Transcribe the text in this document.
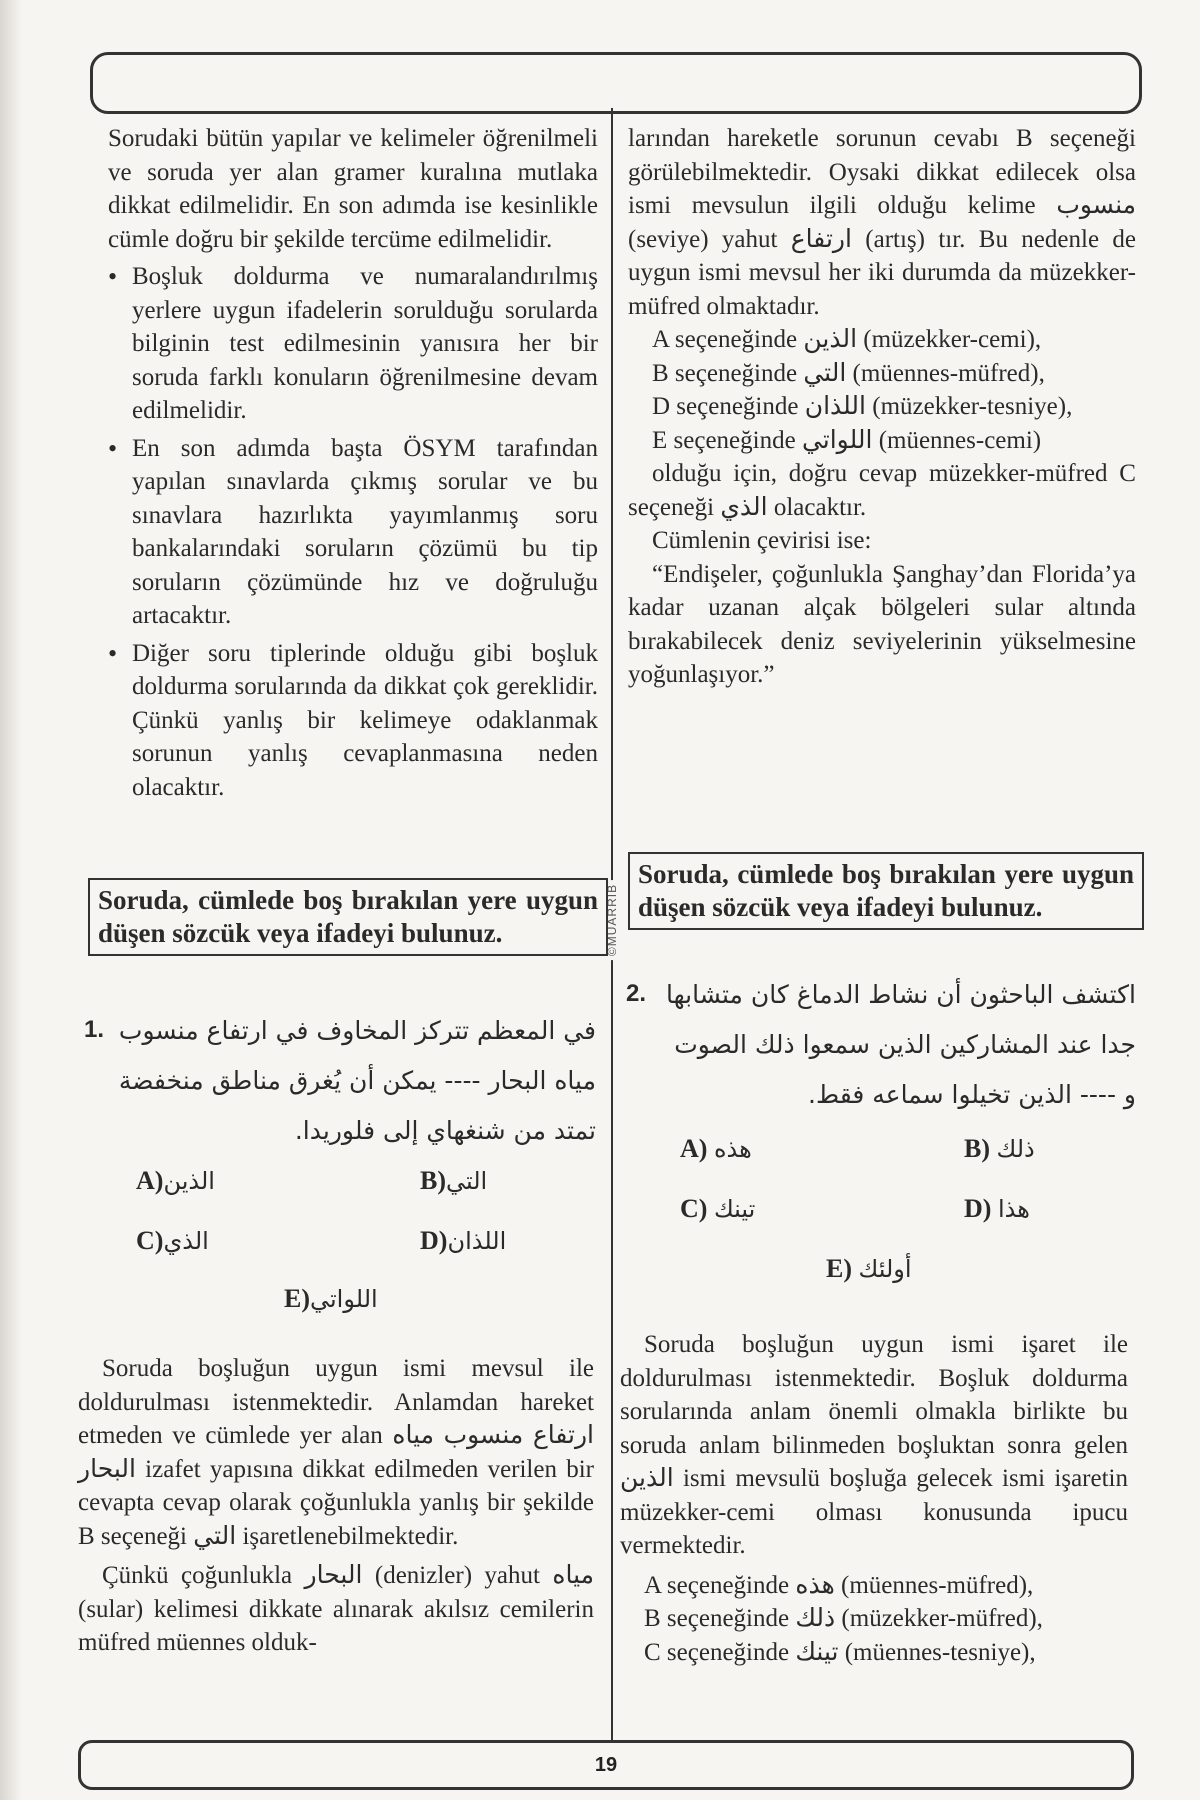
©MUARRIB

Sorudaki bütün yapılar ve kelimeler öğrenilmeli ve soruda yer alan gramer kuralına mutlaka dikkat edilmelidir. En son adımda ise kesinlikle cümle doğru bir şekilde tercüme edilmelidir.

• Boşluk doldurma ve numaralandırılmış yerlere uygun ifadelerin sorulduğu sorularda bilginin test edilmesinin yanısıra her bir soruda farklı konuların öğrenilmesine devam edilmelidir.
• En son adımda başta ÖSYM tarafından yapılan sınavlarda çıkmış sorular ve bu sınavlara hazırlıkta yayımlanmış soru bankalarındaki soruların çözümü bu tip soruların çözümünde hız ve doğruluğu artacaktır.
• Diğer soru tiplerinde olduğu gibi boşluk doldurma sorularında da dikkat çok gereklidir. Çünkü yanlış bir kelimeye odaklanmak sorunun yanlış cevaplanmasına neden olacaktır.

larından hareketle sorunun cevabı B seçeneği görülebilmektedir. Oysaki dikkat edilecek olsa ismi mevsulun ilgili olduğu kelime منسوب (seviye) yahut ارتفاع (artış) tır. Bu nedenle de uygun ismi mevsul her iki durumda da müzekker-müfred olmaktadır.

A seçeneğinde الذين (müzekker-cemi),

B seçeneğinde التي (müennes-müfred),

D seçeneğinde اللذان (müzekker-tesniye),

E seçeneğinde اللواتي (müennes-cemi)

olduğu için, doğru cevap müzekker-müfred C seçeneği الذي olacaktır.

Cümlenin çevirisi ise:

“Endişeler, çoğunlukla Şanghay’dan Florida’ya kadar uzanan alçak bölgeleri sular altında bırakabilecek deniz seviyelerinin yükselmesine yoğunlaşıyor.”

Soruda, cümlede boş bırakılan yere uygun düşen sözcük veya ifadeyi bulunuz.
Soruda, cümlede boş bırakılan yere uygun düşen sözcük veya ifadeyi bulunuz.
1. في المعظم تتركز المخاوف في ارتفاع منسوب مياه البحار ---- يمكن أن يُغرق مناطق منخفضة تمتد من شنغهاي إلى فلوريدا.
A)الذين	B)التي
C)الذي	D)اللذان
E)اللواتي
2. اكتشف الباحثون أن نشاط الدماغ كان متشابها جدا عند المشاركين الذين سمعوا ذلك الصوت و ---- الذين تخيلوا سماعه فقط.
A) هذه	B) ذلك
C) تينك	D) هذا
E) أولئك

Soruda boşluğun uygun ismi mevsul ile doldurulması istenmektedir. Anlamdan hareket etmeden ve cümlede yer alan ارتفاع منسوب مياه البحار izafet yapısına dikkat edilmeden verilen bir cevapta cevap olarak çoğunlukla yanlış bir şekilde B seçeneği التي işaretlenebilmektedir.

Çünkü çoğunlukla البحار (denizler) yahut مياه (sular) kelimesi dikkate alınarak akılsız cemilerin müfred müennes olduk-

Soruda boşluğun uygun ismi işaret ile doldurulması istenmektedir. Boşluk doldurma sorularında anlam önemli olmakla birlikte bu soruda anlam bilinmeden boşluktan sonra gelen الذين ismi mevsulü boşluğa gelecek ismi işaretin müzekker-cemi olması konusunda ipucu vermektedir.

A seçeneğinde هذه (müennes-müfred),

B seçeneğinde ذلك (müzekker-müfred),

C seçeneğinde تينك (müennes-tesniye),

19
